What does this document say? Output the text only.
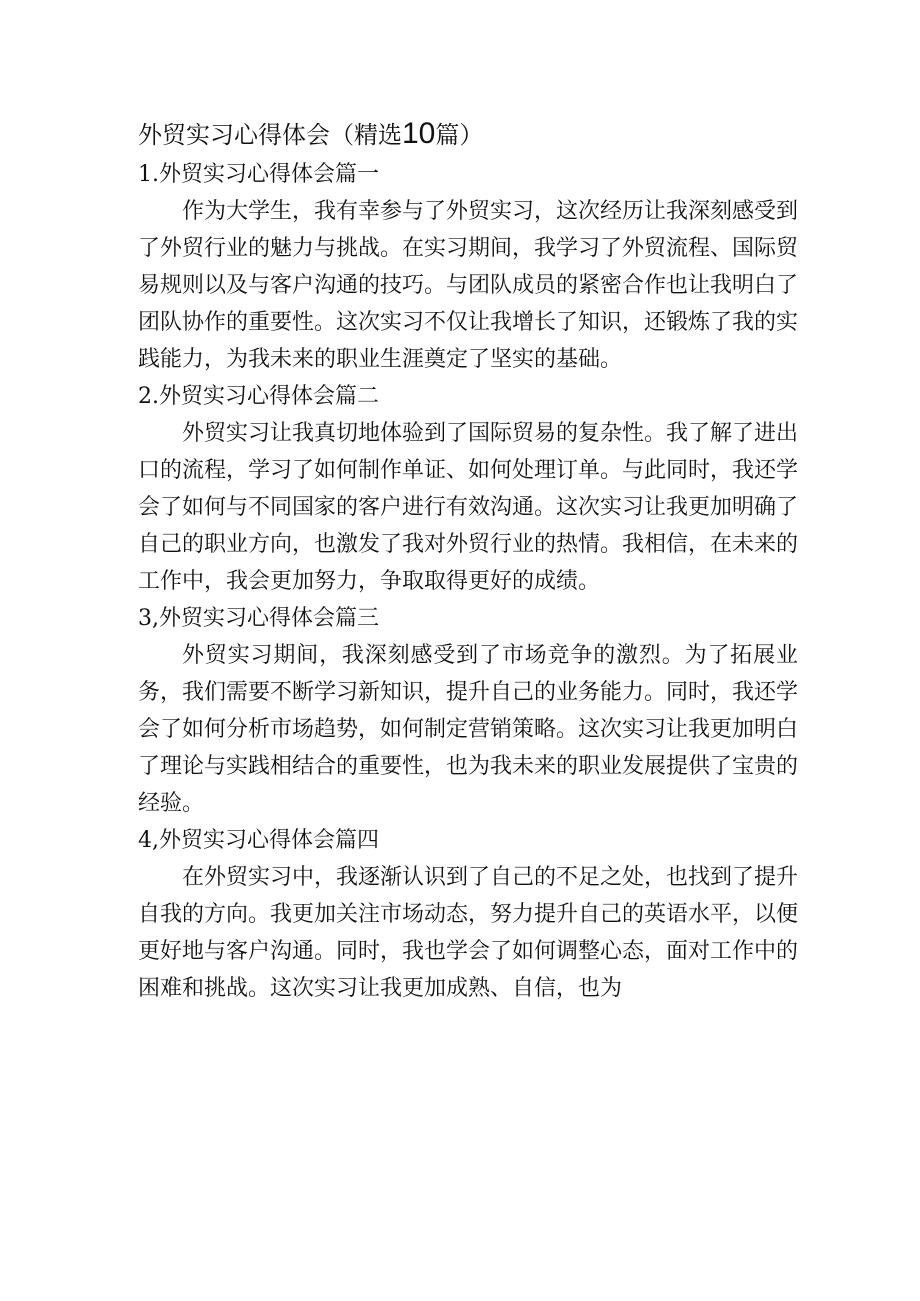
外贸实习心得体会（精选10篇）
1.外贸实习心得体会篇一

作为大学生，我有幸参与了外贸实习，这次经历让我深刻感受到了外贸行业的魅力与挑战。在实习期间，我学习了外贸流程、国际贸易规则以及与客户沟通的技巧。与团队成员的紧密合作也让我明白了团队协作的重要性。这次实习不仅让我增长了知识，还锻炼了我的实践能力，为我未来的职业生涯奠定了坚实的基础。

2.外贸实习心得体会篇二

外贸实习让我真切地体验到了国际贸易的复杂性。我了解了进出口的流程，学习了如何制作单证、如何处理订单。与此同时，我还学会了如何与不同国家的客户进行有效沟通。这次实习让我更加明确了自己的职业方向，也激发了我对外贸行业的热情。我相信，在未来的工作中，我会更加努力，争取取得更好的成绩。

3,外贸实习心得体会篇三

外贸实习期间，我深刻感受到了市场竞争的激烈。为了拓展业务，我们需要不断学习新知识，提升自己的业务能力。同时，我还学会了如何分析市场趋势，如何制定营销策略。这次实习让我更加明白了理论与实践相结合的重要性，也为我未来的职业发展提供了宝贵的经验。

4,外贸实习心得体会篇四

在外贸实习中，我逐渐认识到了自己的不足之处，也找到了提升自我的方向。我更加关注市场动态，努力提升自己的英语水平，以便更好地与客户沟通。同时，我也学会了如何调整心态，面对工作中的困难和挑战。这次实习让我更加成熟、自信，也为
